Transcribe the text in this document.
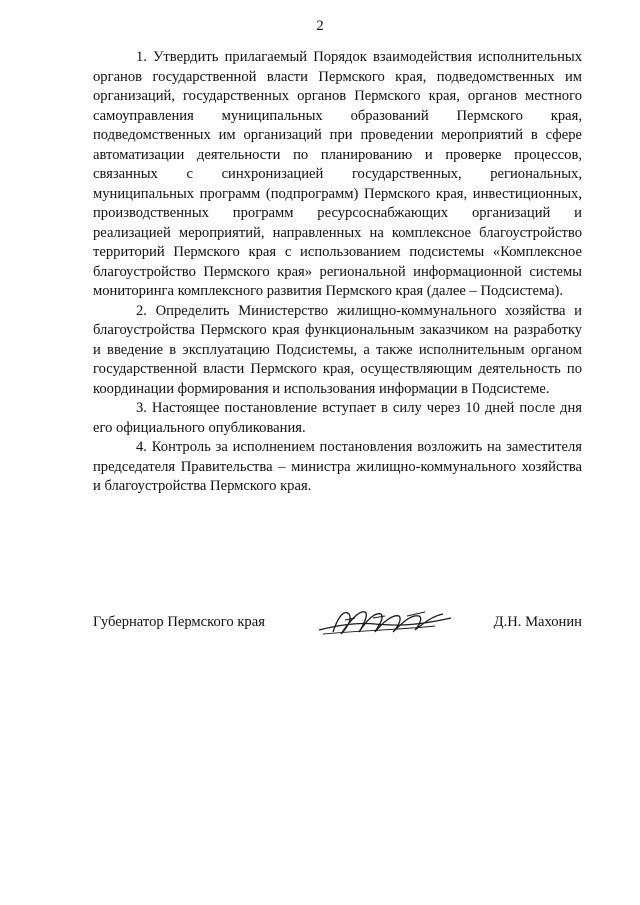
2

1. Утвердить прилагаемый Порядок взаимодействия исполнительных органов государственной власти Пермского края, подведомственных им организаций, государственных органов Пермского края, органов местного самоуправления муниципальных образований Пермского края, подведомственных им организаций при проведении мероприятий в сфере автоматизации деятельности по планированию и проверке процессов, связанных с синхронизацией государственных, региональных, муниципальных программ (подпрограмм) Пермского края, инвестиционных, производственных программ ресурсоснабжающих организаций и реализацией мероприятий, направленных на комплексное благоустройство территорий Пермского края с использованием подсистемы «Комплексное благоустройство Пермского края» региональной информационной системы мониторинга комплексного развития Пермского края (далее – Подсистема).

2. Определить Министерство жилищно-коммунального хозяйства и благоустройства Пермского края функциональным заказчиком на разработку и введение в эксплуатацию Подсистемы, а также исполнительным органом государственной власти Пермского края, осуществляющим деятельность по координации формирования и использования информации в Подсистеме.

3. Настоящее постановление вступает в силу через 10 дней после дня его официального опубликования.

4. Контроль за исполнением постановления возложить на заместителя председателя Правительства – министра жилищно-коммунального хозяйства и благоустройства Пермского края.

Губернатор Пермского края	Д.Н. Махонин
